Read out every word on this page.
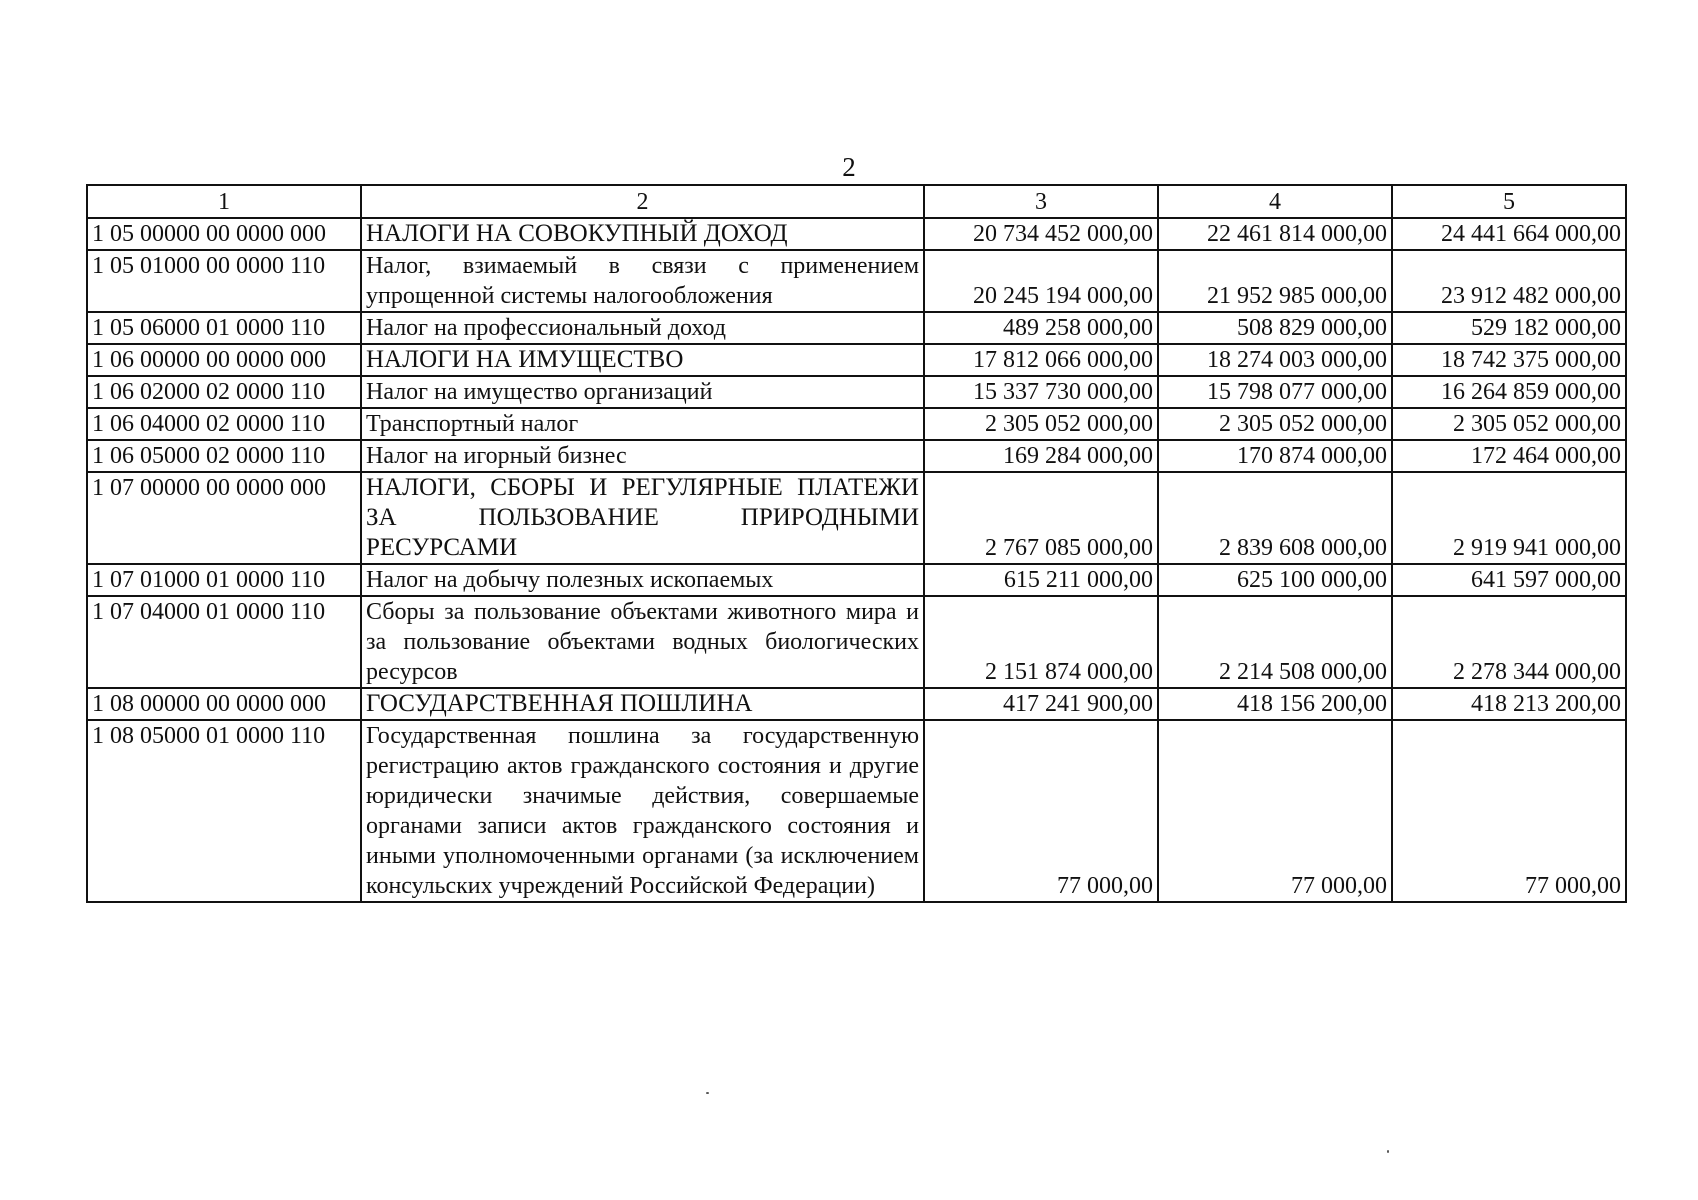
2
1	2	3	4	5
1 05 00000 00 0000 000	НАЛОГИ НА СОВОКУПНЫЙ ДОХОД	20 734 452 000,00	22 461 814 000,00	24 441 664 000,00
1 05 01000 00 0000 110	Налог, взимаемый в связи с применением упрощенной системы налогообложения	20 245 194 000,00	21 952 985 000,00	23 912 482 000,00
1 05 06000 01 0000 110	Налог на профессиональный доход	489 258 000,00	508 829 000,00	529 182 000,00
1 06 00000 00 0000 000	НАЛОГИ НА ИМУЩЕСТВО	17 812 066 000,00	18 274 003 000,00	18 742 375 000,00
1 06 02000 02 0000 110	Налог на имущество организаций	15 337 730 000,00	15 798 077 000,00	16 264 859 000,00
1 06 04000 02 0000 110	Транспортный налог	2 305 052 000,00	2 305 052 000,00	2 305 052 000,00
1 06 05000 02 0000 110	Налог на игорный бизнес	169 284 000,00	170 874 000,00	172 464 000,00
1 07 00000 00 0000 000	НАЛОГИ, СБОРЫ И РЕГУЛЯРНЫЕ ПЛАТЕЖИ ЗА ПОЛЬЗОВАНИЕ ПРИРОДНЫМИ РЕСУРСАМИ	2 767 085 000,00	2 839 608 000,00	2 919 941 000,00
1 07 01000 01 0000 110	Налог на добычу полезных ископаемых	615 211 000,00	625 100 000,00	641 597 000,00
1 07 04000 01 0000 110	Сборы за пользование объектами животного мира и за пользование объектами водных биологических ресурсов	2 151 874 000,00	2 214 508 000,00	2 278 344 000,00
1 08 00000 00 0000 000	ГОСУДАРСТВЕННАЯ ПОШЛИНА	417 241 900,00	418 156 200,00	418 213 200,00
1 08 05000 01 0000 110	Государственная пошлина за государственную регистрацию актов гражданского состояния и другие юридически значимые действия, совершаемые органами записи актов гражданского состояния и иными уполномоченными органами (за исключением консульских учреждений Российской Федерации)	77 000,00	77 000,00	77 000,00
